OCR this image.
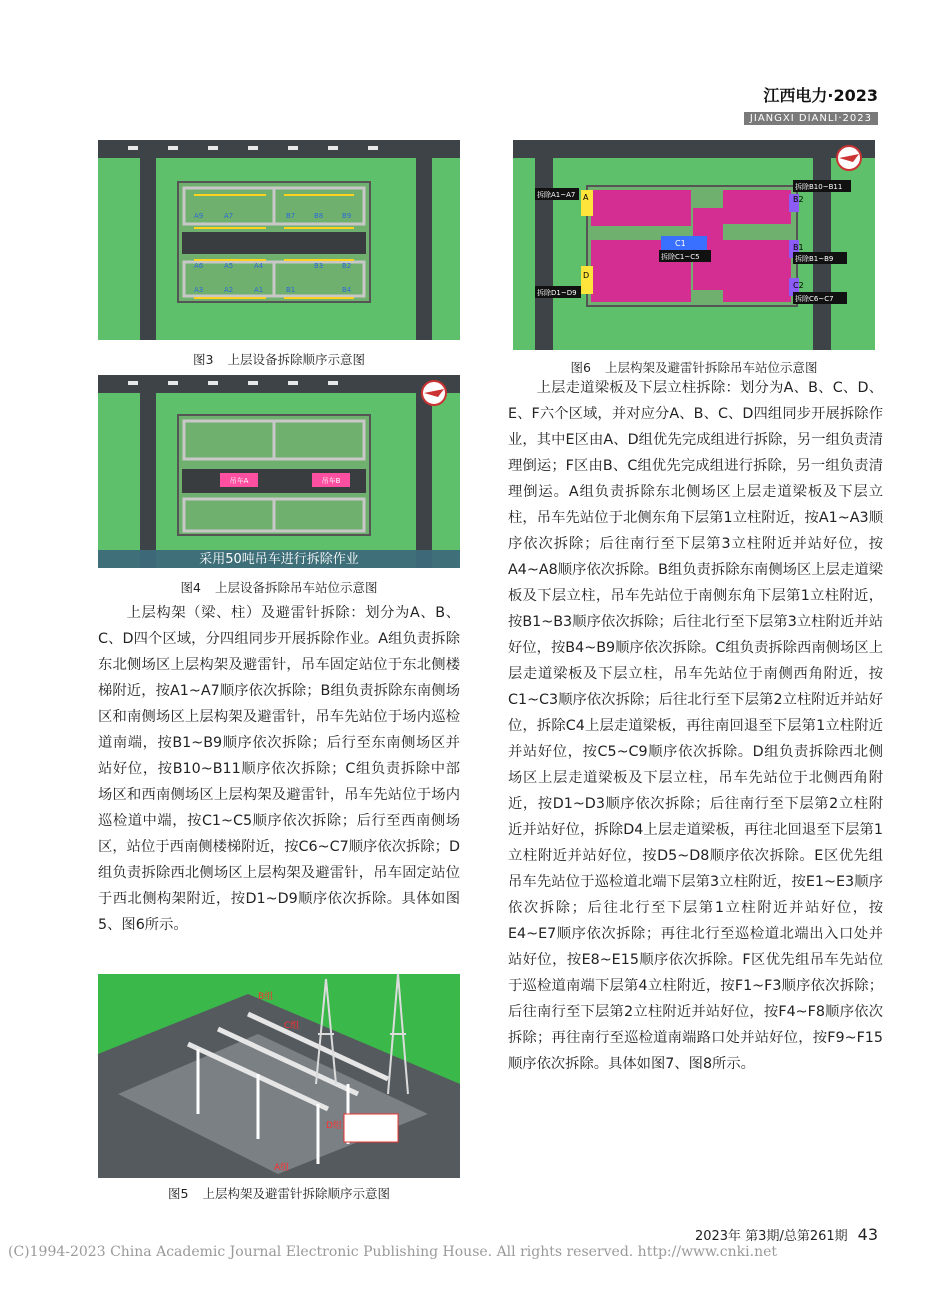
江西电力·2023
JIANGXI DIANLI·2023
A9	A7	B7	B8	B9
A6	A5	A4	B3	B2
A3	A2	A1	B1	B4
图3 上层设备拆除顺序示意图
吊车A	吊车B
采用50吨吊车进行拆除作业
图4 上层设备拆除吊车站位示意图

上层构架（梁、柱）及避雷针拆除：划分为A、B、C、D四个区域，分四组同步开展拆除作业。A组负责拆除东北侧场区上层构架及避雷针，吊车固定站位于东北侧楼梯附近，按A1~A7顺序依次拆除；B组负责拆除东南侧场区和南侧场区上层构架及避雷针，吊车先站位于场内巡检道南端，按B1~B9顺序依次拆除；后行至东南侧场区并站好位，按B10~B11顺序依次拆除；C组负责拆除中部场区和西南侧场区上层构架及避雷针，吊车先站位于场内巡检道中端，按C1~C5顺序依次拆除；后行至西南侧场区，站位于西南侧楼梯附近，按C6~C7顺序依次拆除；D组负责拆除西北侧场区上层构架及避雷针，吊车固定站位于西北侧构架附近，按D1~D9顺序依次拆除。具体如图5、图6所示。

B组
C组
D组
A组
图5 上层构架及避雷针拆除顺序示意图
A	B2
C1	B1
D
C2
拆除A1~A7
拆除B10~B11
拆除C1~C5	拆除B1~B9
拆除D1~D9
拆除C6~C7
图6 上层构架及避雷针拆除吊车站位示意图

上层走道梁板及下层立柱拆除：划分为A、B、C、D、E、F六个区域，并对应分A、B、C、D四组同步开展拆除作业，其中E区由A、D组优先完成组进行拆除，另一组负责清理倒运；F区由B、C组优先完成组进行拆除，另一组负责清理倒运。A组负责拆除东北侧场区上层走道梁板及下层立柱，吊车先站位于北侧东角下层第1立柱附近，按A1~A3顺序依次拆除；后往南行至下层第3立柱附近并站好位，按A4~A8顺序依次拆除。B组负责拆除东南侧场区上层走道梁板及下层立柱，吊车先站位于南侧东角下层第1立柱附近，按B1~B3顺序依次拆除；后往北行至下层第3立柱附近并站好位，按B4~B9顺序依次拆除。C组负责拆除西南侧场区上层走道梁板及下层立柱，吊车先站位于南侧西角附近，按C1~C3顺序依次拆除；后往北行至下层第2立柱附近并站好位，拆除C4上层走道梁板，再往南回退至下层第1立柱附近并站好位，按C5~C9顺序依次拆除。D组负责拆除西北侧场区上层走道梁板及下层立柱，吊车先站位于北侧西角附近，按D1~D3顺序依次拆除；后往南行至下层第2立柱附近并站好位，拆除D4上层走道梁板，再往北回退至下层第1立柱附近并站好位，按D5~D8顺序依次拆除。E区优先组吊车先站位于巡检道北端下层第3立柱附近，按E1~E3顺序依次拆除；后往北行至下层第1立柱附近并站好位，按E4~E7顺序依次拆除；再往北行至巡检道北端出入口处并站好位，按E8~E15顺序依次拆除。F区优先组吊车先站位于巡检道南端下层第4立柱附近，按F1~F3顺序依次拆除；后往南行至下层第2立柱附近并站好位，按F4~F8顺序依次拆除；再往南行至巡检道南端路口处并站好位，按F9~F15顺序依次拆除。具体如图7、图8所示。

2023年 第3期/总第261期 43
(C)1994-2023 China Academic Journal Electronic Publishing House. All rights reserved. http://www.cnki.net
